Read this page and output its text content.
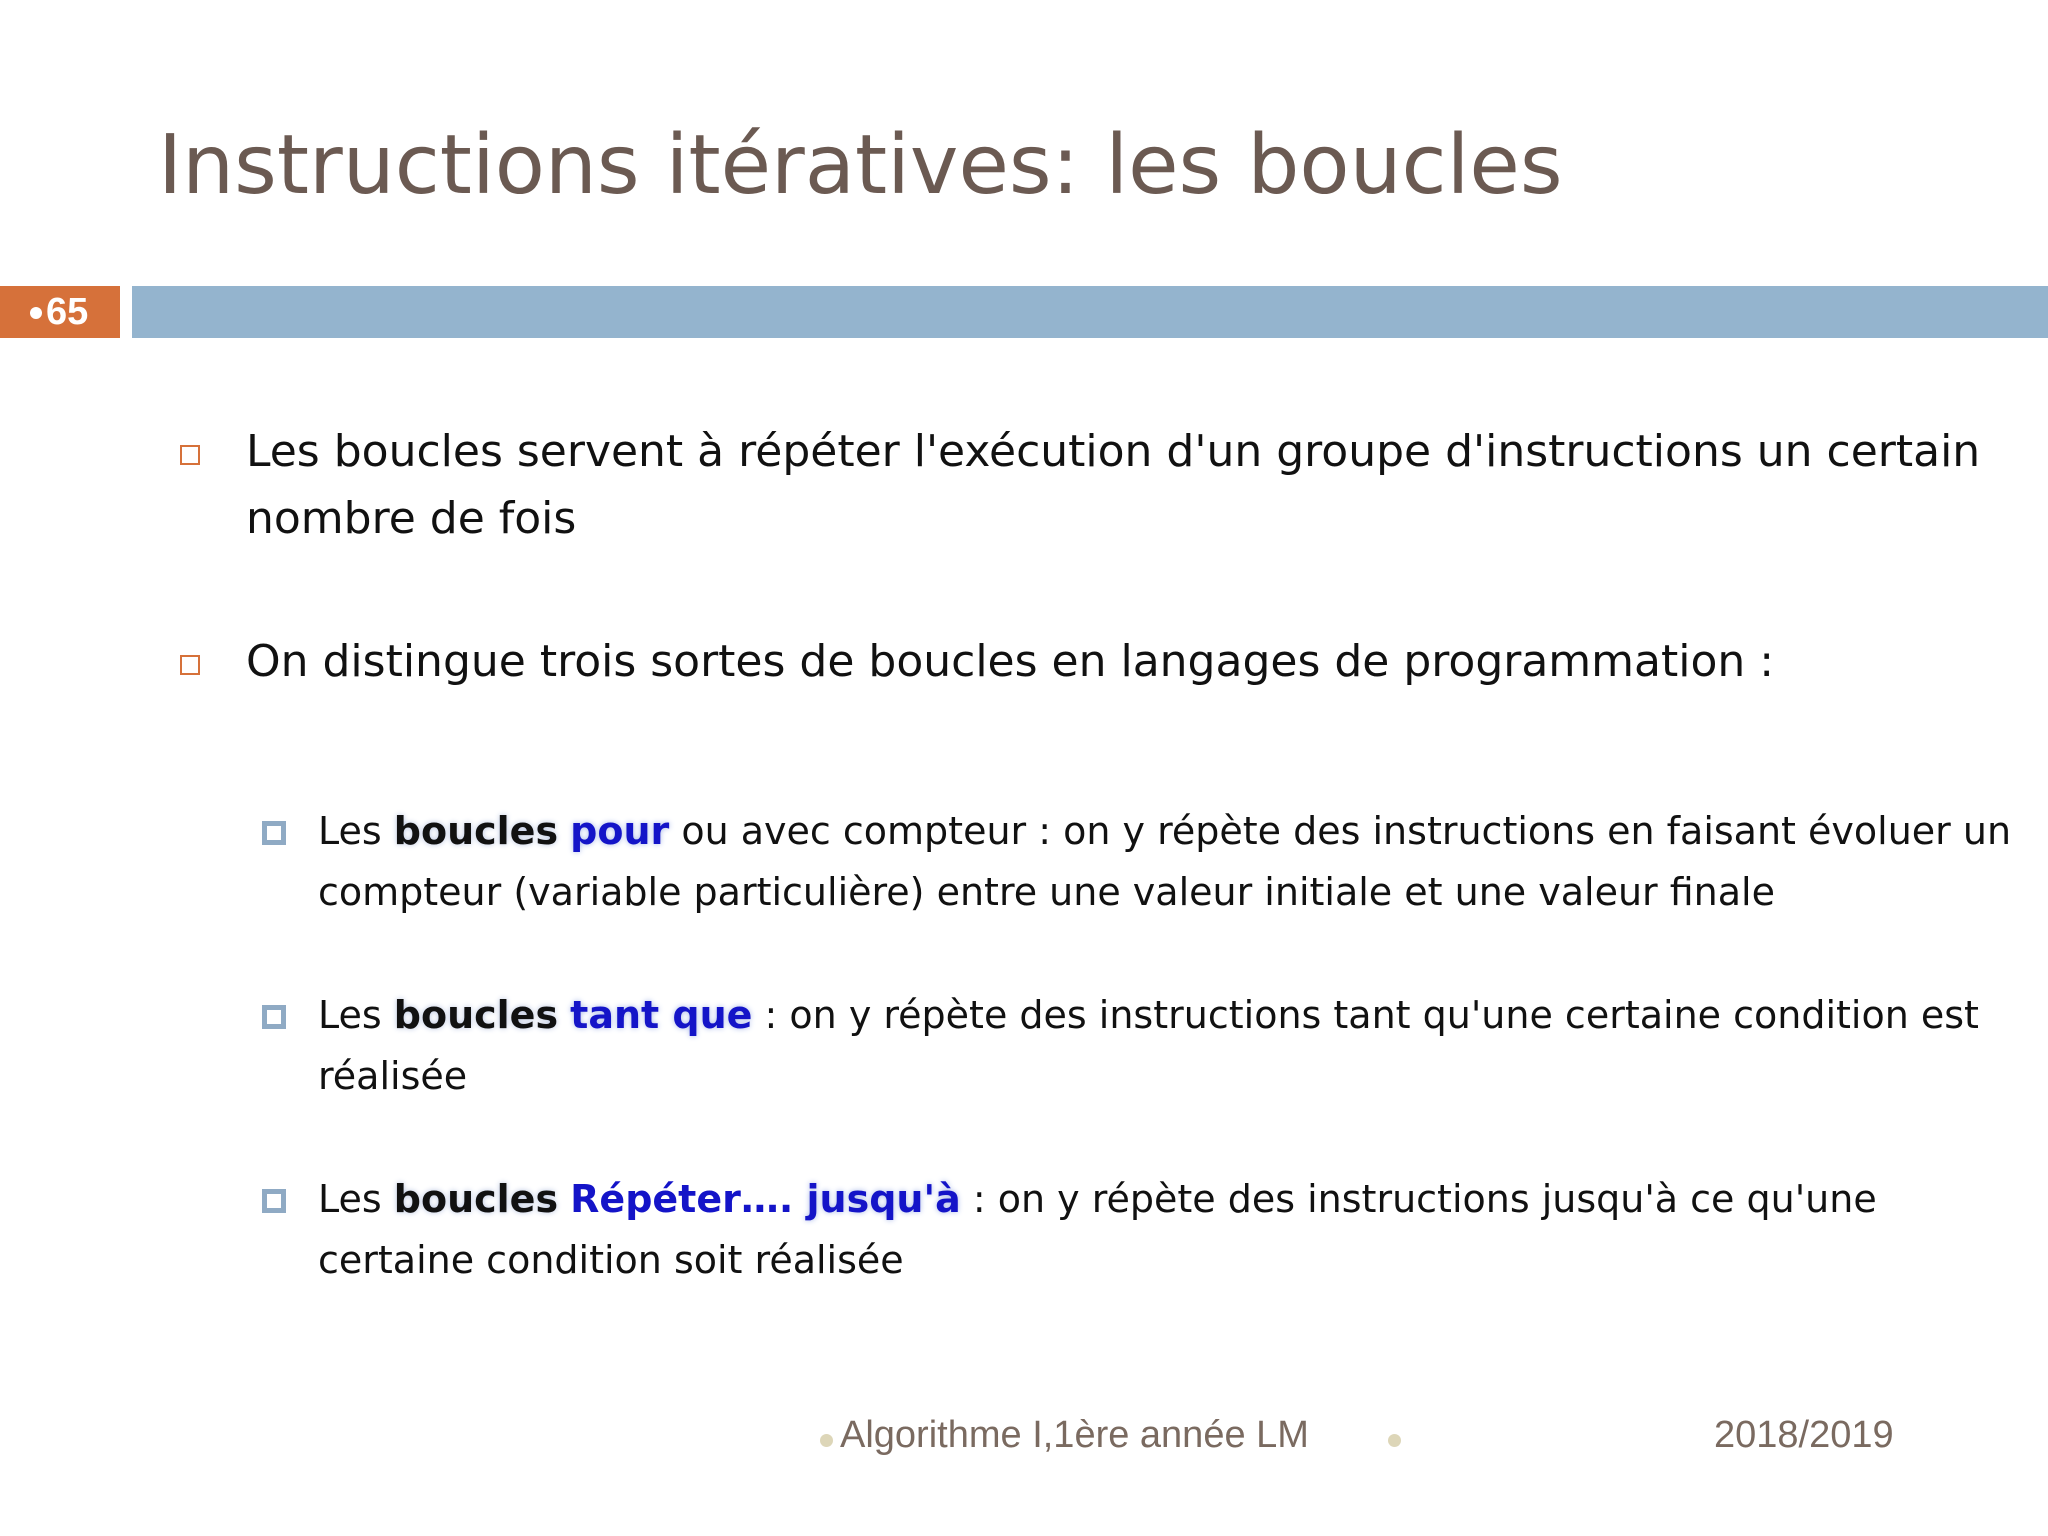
Instructions itératives: les boucles
65
Les boucles servent à répéter l'exécution d'un groupe d'instructions un certain nombre de fois
On distingue trois sortes de boucles en langages de programmation :
Les boucles pour ou avec compteur : on y répète des instructions en faisant évoluer un compteur (variable particulière) entre une valeur initiale et une valeur finale
Les boucles tant que : on y répète des instructions tant qu'une certaine condition est réalisée
Les boucles Répéter…. jusqu'à : on y répète des instructions jusqu'à ce qu'une certaine condition soit réalisée
Algorithme I,1ère année LM	2018/2019
